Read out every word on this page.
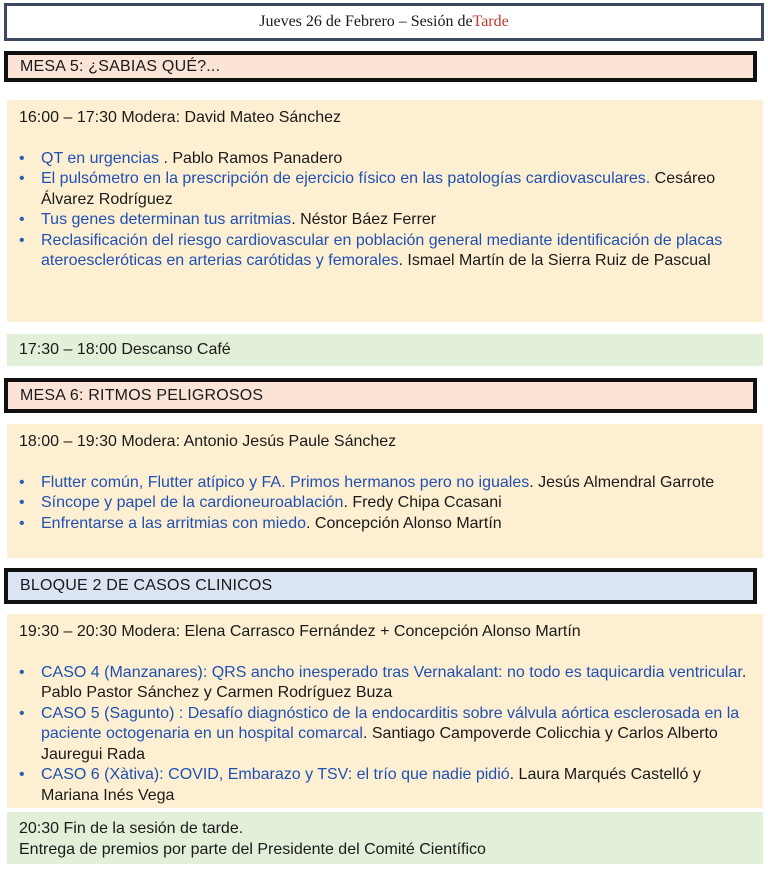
Jueves 26 de Febrero – Sesión de Tarde
MESA 5: ¿SABIAS QUÉ?...
16:00 – 17:30 Modera: David Mateo Sánchez
• QT en urgencias . Pablo Ramos Panadero
• El pulsómetro en la prescripción de ejercicio físico en las patologías cardiovasculares. Cesáreo Álvarez Rodríguez
• Tus genes determinan tus arritmias. Néstor Báez Ferrer
• Reclasificación del riesgo cardiovascular en población general mediante identificación de placas ateroescleróticas en arterias carótidas y femorales. Ismael Martín de la Sierra Ruiz de Pascual
17:30 – 18:00 Descanso Café
MESA 6: RITMOS PELIGROSOS
18:00 – 19:30 Modera: Antonio Jesús Paule Sánchez
• Flutter común, Flutter atípico y FA. Primos hermanos pero no iguales. Jesús Almendral Garrote
• Síncope y papel de la cardioneuroablación. Fredy Chipa Ccasani
• Enfrentarse a las arritmias con miedo. Concepción Alonso Martín
BLOQUE 2 DE CASOS CLINICOS
19:30 – 20:30 Modera: Elena Carrasco Fernández + Concepción Alonso Martín
• CASO 4 (Manzanares): QRS ancho inesperado tras Vernakalant: no todo es taquicardia ventricular. Pablo Pastor Sánchez y Carmen Rodríguez Buza
• CASO 5 (Sagunto) : Desafío diagnóstico de la endocarditis sobre válvula aórtica esclerosada en la paciente octogenaria en un hospital comarcal. Santiago Campoverde Colicchia y Carlos Alberto Jauregui Rada
• CASO 6 (Xàtiva): COVID, Embarazo y TSV: el trío que nadie pidió. Laura Marqués Castelló y Mariana Inés Vega
20:30 Fin de la sesión de tarde.
Entrega de premios por parte del Presidente del Comité Científico
